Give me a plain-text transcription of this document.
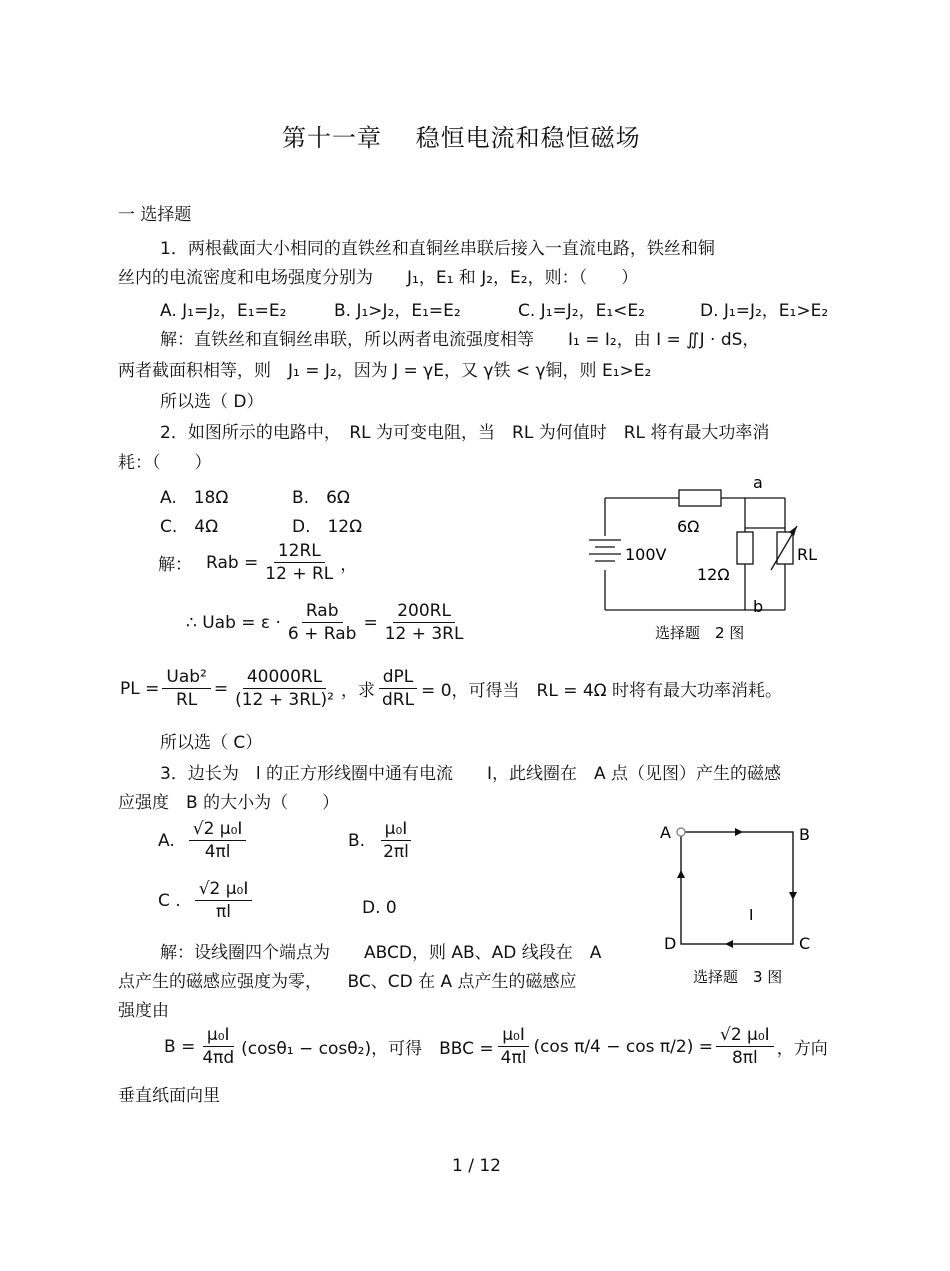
第十一章　 稳恒电流和稳恒磁场
一 选择题
1．两根截面大小相同的直铁丝和直铜丝串联后接入一直流电路，铁丝和铜
丝内的电流密度和电场强度分别为　　J₁，E₁ 和 J₂，E₂，则：（　　）
A. J₁=J₂，E₁=E₂	B. J₁>J₂，E₁=E₂	C. J₁=J₂，E₁<E₂	D. J₁=J₂，E₁>E₂
解：直铁丝和直铜丝串联，所以两者电流强度相等　　I₁ = I₂，由 I = ∬J · dS，
两者截面积相等，则　J₁ = J₂，因为 J = γE，又 γ铁 < γ铜，则 E₁>E₂
所以选（ D）
2．如图所示的电路中，　RL 为可变电阻，当　RL 为何值时　RL 将有最大功率消
耗：（　　）
A.　18Ω	B.　6Ω
C.　4Ω	D.　12Ω
解： Rab = $\frac{12RL}{12 + RL}$ ，
∴ Uab = $\varepsilon \cdot \frac{\text{Rab}}{\text{6 + Rab}} = \frac{200RL}{12 + 3RL}$
PL = $\frac{\text{Uab²}}{RL} = \frac{40000RL}{\text{(12 + 3RL)²}}$ ，求 $\frac{\text{dPL}}{\text{dRL}} = 0$，可得当　RL = 4Ω 时将有最大功率消耗。
所以选（ C）
a
b
6Ω
12Ω
RL
100V
选择题　2 图
3．边长为　l 的正方形线圈中通有电流　　I，此线圈在　A 点（见图）产生的磁感
应强度　B 的大小为（　　）
A. $\frac{\text{√2 μ₀I}}{4\pi l}$	B. $\frac{\text{μ₀I}}{2\pi l}$
C . $\frac{\text{√2 μ₀I}}{\pi l}$	D. 0
解：设线圈四个端点为　　ABCD，则 AB、AD 线段在　A
点产生的磁感应强度为零，　　BC、CD 在 A 点产生的磁感应
强度由
$B = \frac{\text{μ₀I}}{4\pi d} (\cos\theta_1 - \cos\theta_2)$，可得　BBC = $\frac{\text{μ₀I}}{4\pi l} (\cos$ $\pi/4 - \cos \pi/2) = \frac{\text{√2 μ₀I}}{8\pi l}$ ，方向
垂直纸面向里
A	B
C
D
I
选择题　3 图
1 / 12
